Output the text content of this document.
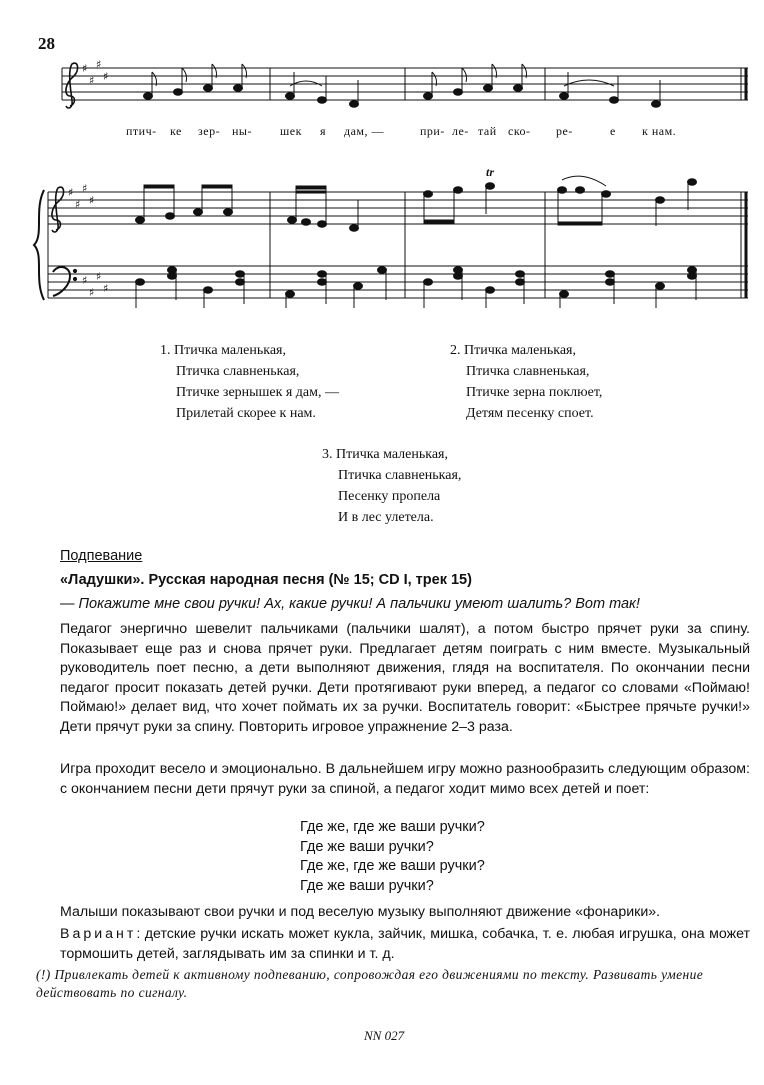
28
♯
♯
♯
♯
♯
♯
♯
♯
♯
♯
♯
♯
tr
птич- ке зер- ны- шек я дам, —	при- ле- тай ско- ре-	е к нам.
1. Птичка маленькая,
Птичка славненькая,
Птичке зернышек я дам, —
Прилетай скорее к нам.
2. Птичка маленькая,
Птичка славненькая,
Птичке зерна поклюет,
Детям песенку споет.
3. Птичка маленькая,
Птичка славненькая,
Песенку пропела
И в лес улетела.
Подпевание
«Ладушки». Русская народная песня (№ 15; CD I, трек 15)
— Покажите мне свои ручки! Ах, какие ручки! А пальчики умеют шалить? Вот так!

Педагог энергично шевелит пальчиками (пальчики шалят), а потом быстро прячет руки за спину. Показывает еще раз и снова прячет руки. Предлагает детям поиграть с ним вместе. Музыкальный руководитель поет песню, а дети выполняют движения, глядя на воспитателя. По окончании песни педагог просит показать детей ручки. Дети протягивают руки вперед, а педагог со словами «Поймаю! Поймаю!» делает вид, что хочет поймать их за ручки. Воспитатель говорит: «Быстрее прячьте ручки!» Дети прячут руки за спину. Повторить игровое упражнение 2–3 раза.

Игра проходит весело и эмоционально. В дальнейшем игру можно разнообразить следующим образом: с окончанием песни дети прячут руки за спиной, а педагог ходит мимо всех детей и поет:

Где же, где же ваши ручки?
Где же ваши ручки?
Где же, где же ваши ручки?
Где же ваши ручки?

Малыши показывают свои ручки и под веселую музыку выполняют движение «фонарики».

Вариант: детские ручки искать может кукла, зайчик, мишка, собачка, т. е. любая игрушка, она может тормошить детей, заглядывать им за спинки и т. д.

(!) Привлекать детей к активному подпеванию, сопровождая его движениями по тексту. Развивать умение действовать по сигналу.
NN 027
